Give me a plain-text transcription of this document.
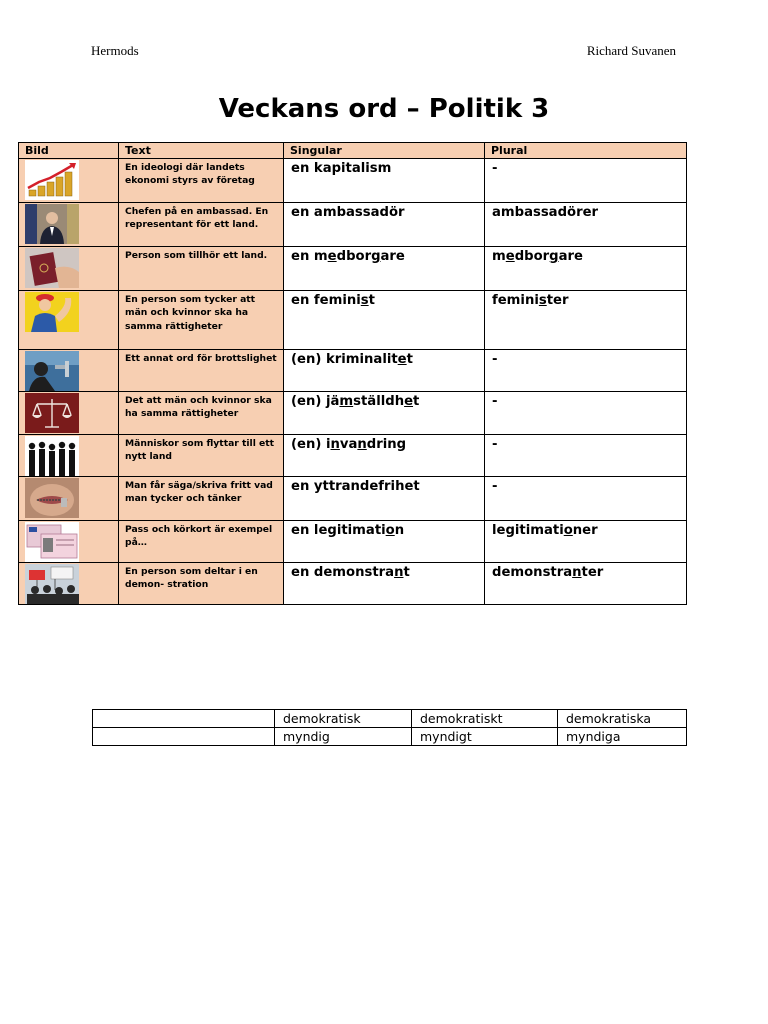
Hermods	Richard Suvanen
Veckans ord – Politik 3
Bild	Text	Singular	Plural

	En ideologi där landets ekonomi styrs av företag	en kapitalism	-

	Chefen på en ambassad. En representant för ett land.	en ambassadör	ambassadörer

	Person som tillhör ett land.	en medborgare	medborgare

	En person som tycker att män och kvinnor ska ha samma rättigheter	en feminist	feminister

	Ett annat ord för brottslighet	(en) kriminalitet	-

	Det att män och kvinnor ska ha samma rättigheter	(en) jämställdhet	-

	Människor som flyttar till ett nytt land	(en) invandring	-

	Man får säga/skriva fritt vad man tycker och tänker	en yttrandefrihet	-

	Pass och körkort är exempel på…	en legitimation	legitimationer

	En person som deltar i en demon- stration	en demonstrant	demonstranter
	demokratisk	demokratiskt	demokratiska
	myndig	myndigt	myndiga
